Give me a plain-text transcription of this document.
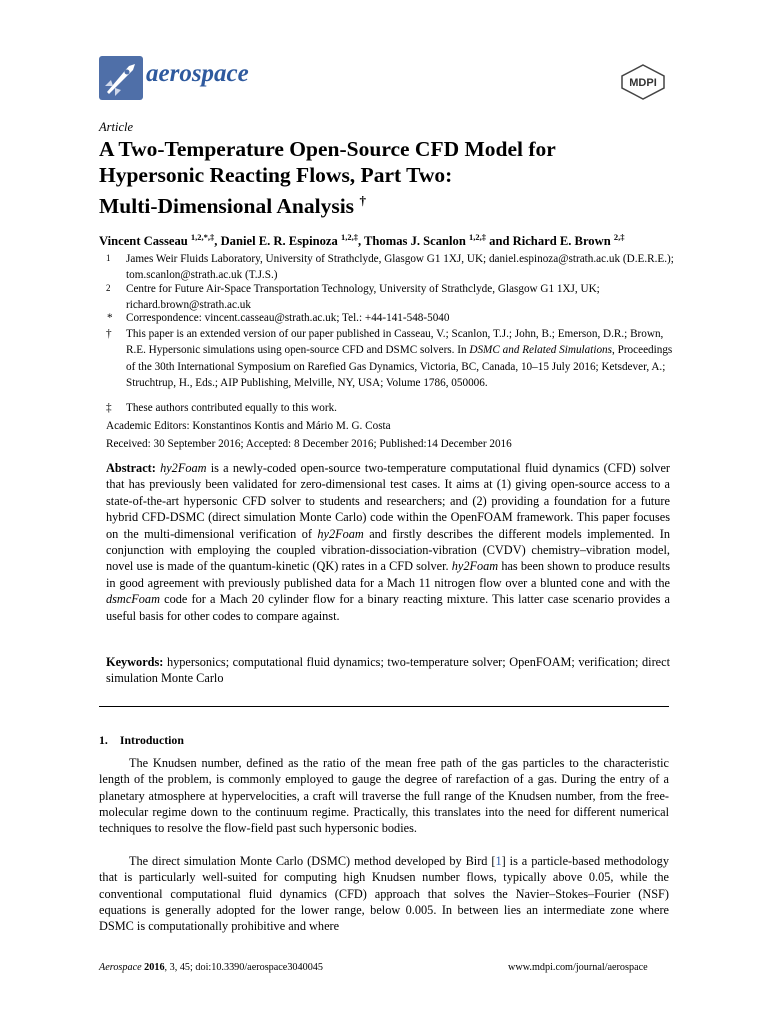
aerospace	MDPI
Article
A Two-Temperature Open-Source CFD Model for
Hypersonic Reacting Flows, Part Two:
Multi-Dimensional Analysis †
Vincent Casseau $^{1,2,*,\ddagger}$, Daniel E. R. Espinoza $^{1,2,\ddagger}$, Thomas J. Scanlon $^{1,2,\ddagger}$ and Richard E. Brown $^{2,\ddagger}$
1	James Weir Fluids Laboratory, University of Strathclyde, Glasgow G1 1XJ, UK; daniel.espinoza@strath.ac.uk (D.E.R.E.); tom.scanlon@strath.ac.uk (T.J.S.)
2	Centre for Future Air-Space Transportation Technology, University of Strathclyde, Glasgow G1 1XJ, UK; richard.brown@strath.ac.uk
*	Correspondence: vincent.casseau@strath.ac.uk; Tel.: +44-141-548-5040
†	This paper is an extended version of our paper published in Casseau, V.; Scanlon, T.J.; John, B.; Emerson, D.R.; Brown, R.E. Hypersonic simulations using open-source CFD and DSMC solvers. In DSMC and Related Simulations, Proceedings of the 30th International Symposium on Rarefied Gas Dynamics, Victoria, BC, Canada, 10–15 July 2016; Ketsdever, A.; Struchtrup, H., Eds.; AIP Publishing, Melville, NY, USA; Volume 1786, 050006.
‡	These authors contributed equally to this work.
Academic Editors: Konstantinos Kontis and Mário M. G. Costa
Received: 30 September 2016; Accepted: 8 December 2016; Published:14 December 2016
Abstract: hy2Foam is a newly-coded open-source two-temperature computational fluid dynamics (CFD) solver that has previously been validated for zero-dimensional test cases. It aims at (1) giving open-source access to a state-of-the-art hypersonic CFD solver to students and researchers; and (2) providing a foundation for a future hybrid CFD-DSMC (direct simulation Monte Carlo) code within the OpenFOAM framework. This paper focuses on the multi-dimensional verification of hy2Foam and firstly describes the different models implemented. In conjunction with employing the coupled vibration-dissociation-vibration (CVDV) chemistry–vibration model, novel use is made of the quantum-kinetic (QK) rates in a CFD solver. hy2Foam has been shown to produce results in good agreement with previously published data for a Mach 11 nitrogen flow over a blunted cone and with the dsmcFoam code for a Mach 20 cylinder flow for a binary reacting mixture. This latter case scenario provides a useful basis for other codes to compare against.
Keywords: hypersonics; computational fluid dynamics; two-temperature solver; OpenFOAM; verification; direct simulation Monte Carlo
1. Introduction
The Knudsen number, defined as the ratio of the mean free path of the gas particles to the characteristic length of the problem, is commonly employed to gauge the degree of rarefaction of a gas. During the entry of a planetary atmosphere at hypervelocities, a craft will traverse the full range of the Knudsen number, from the free-molecular regime down to the continuum regime. Practically, this translates into the need for different numerical techniques to resolve the flow-field past such hypersonic bodies.
The direct simulation Monte Carlo (DSMC) method developed by Bird [1] is a particle-based methodology that is particularly well-suited for computing high Knudsen number flows, typically above 0.05, while the conventional computational fluid dynamics (CFD) approach that solves the Navier–Stokes–Fourier (NSF) equations is generally adopted for the lower range, below 0.005. In between lies an intermediate zone where DSMC is computationally prohibitive and where
Aerospace 2016, 3, 45; doi:10.3390/aerospace3040045	www.mdpi.com/journal/aerospace
